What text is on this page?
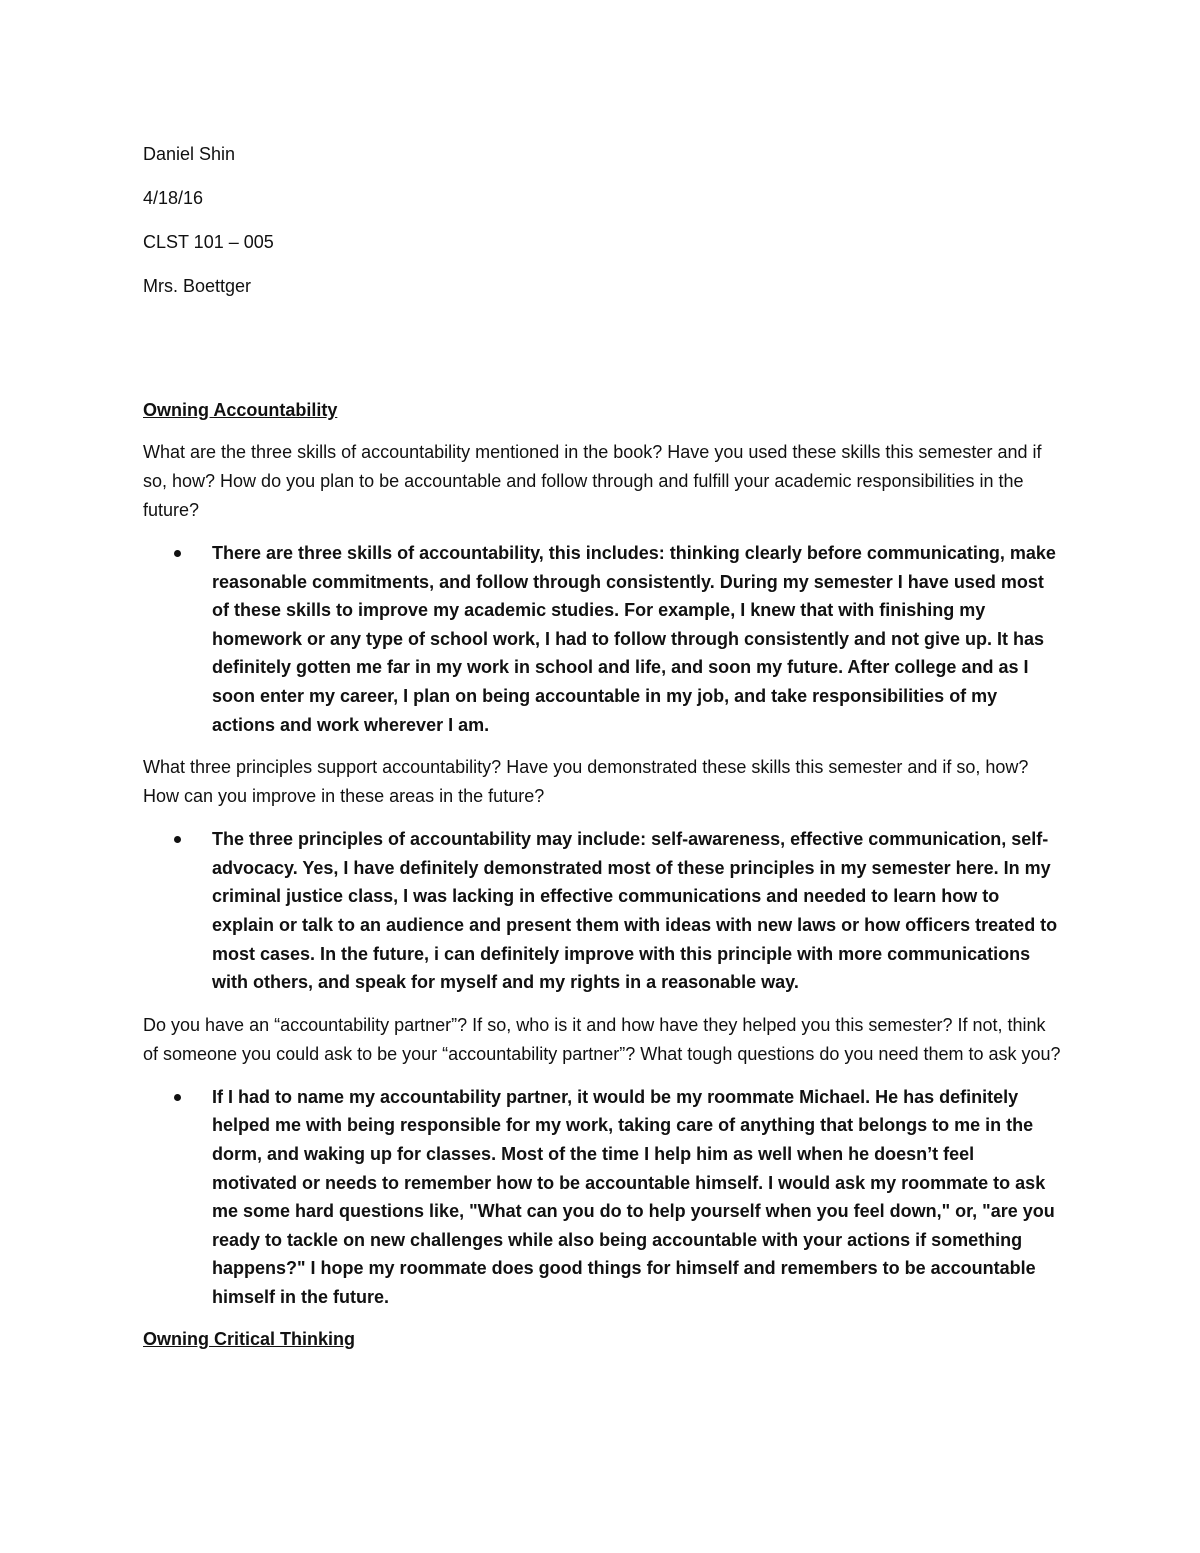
Daniel Shin
4/18/16
CLST 101 – 005
Mrs. Boettger
Owning Accountability
What are the three skills of accountability mentioned in the book? Have you used these skills this semester and if so, how? How do you plan to be accountable and follow through and fulfill your academic responsibilities in the future?
There are three skills of accountability, this includes: thinking clearly before communicating, make reasonable commitments, and follow through consistently. During my semester I have used most of these skills to improve my academic studies. For example, I knew that with finishing my homework or any type of school work, I had to follow through consistently and not give up. It has definitely gotten me far in my work in school and life, and soon my future. After college and as I soon enter my career, I plan on being accountable in my job, and take responsibilities of my actions and work wherever I am.
What three principles support accountability? Have you demonstrated these skills this semester and if so, how? How can you improve in these areas in the future?
The three principles of accountability may include: self-awareness, effective communication, self-advocacy. Yes, I have definitely demonstrated most of these principles in my semester here. In my criminal justice class, I was lacking in effective communications and needed to learn how to explain or talk to an audience and present them with ideas with new laws or how officers treated to most cases. In the future, i can definitely improve with this principle with more communications with others, and speak for myself and my rights in a reasonable way.
Do you have an “accountability partner”? If so, who is it and how have they helped you this semester? If not, think of someone you could ask to be your “accountability partner”? What tough questions do you need them to ask you?
If I had to name my accountability partner, it would be my roommate Michael. He has definitely helped me with being responsible for my work, taking care of anything that belongs to me in the dorm, and waking up for classes. Most of the time I help him as well when he doesn’t feel motivated or needs to remember how to be accountable himself. I would ask my roommate to ask me some hard questions like, "What can you do to help yourself when you feel down," or, "are you ready to tackle on new challenges while also being accountable with your actions if something happens?" I hope my roommate does good things for himself and remembers to be accountable himself in the future.
Owning Critical Thinking
